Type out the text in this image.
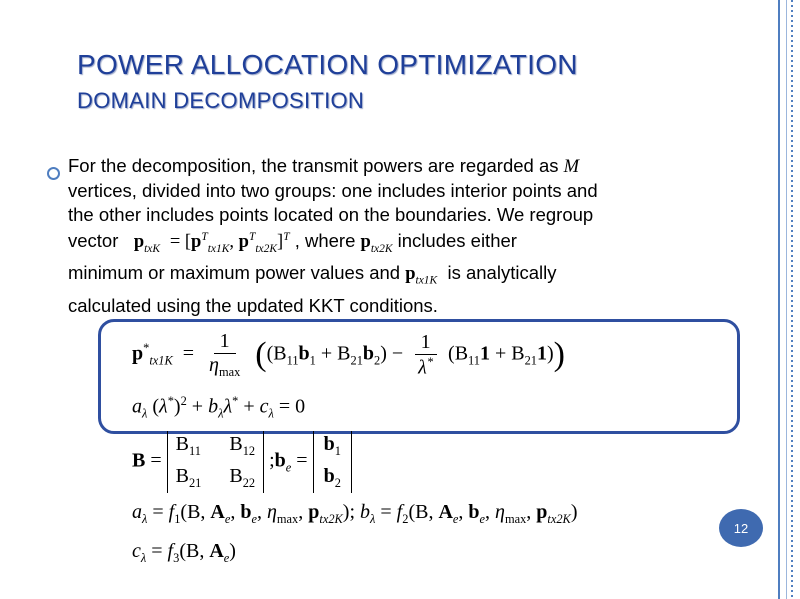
POWER ALLOCATION OPTIMIZATION
DOMAIN DECOMPOSITION
For the decomposition, the transmit powers are regarded as M
vertices, divided into two groups: one includes interior points and
the other includes points located on the boundaries. We regroup
vector $p_{txK} = [p^T_{tx1K}$, $p^T_{tx2K}]^T$ , where $p_{tx2K}$ includes either
minimum or maximum power values and $p_{tx1K}$ is analytically
calculated using the updated KKT conditions.
$p^*_{tx1K} = \frac{1}{\eta_{max}} ((B_{11}b_1 + B_{21}b_2) - \frac{1}{\lambda^*} (B_{11}1 + B_{21}1))$
$a_\lambda$ $(\lambda^*)^2 + b_\lambda\lambda^* + c_\lambda = 0$
B =
$B_{11}$ $B_{12}$
$B_{21}$ $B_{22}$
$;b_e$ =
$b_1$
$b_2$
$a_\lambda = f_1(B$, $A_e$, $b_e$, $\eta_{max}$, $p_{tx2K}$); $b_\lambda = f_2(B$, $A_e$, $b_e$, $\eta_{max}$, $p_{tx2K}$)
$c_\lambda = f_3(B$, $A_e$)
12
